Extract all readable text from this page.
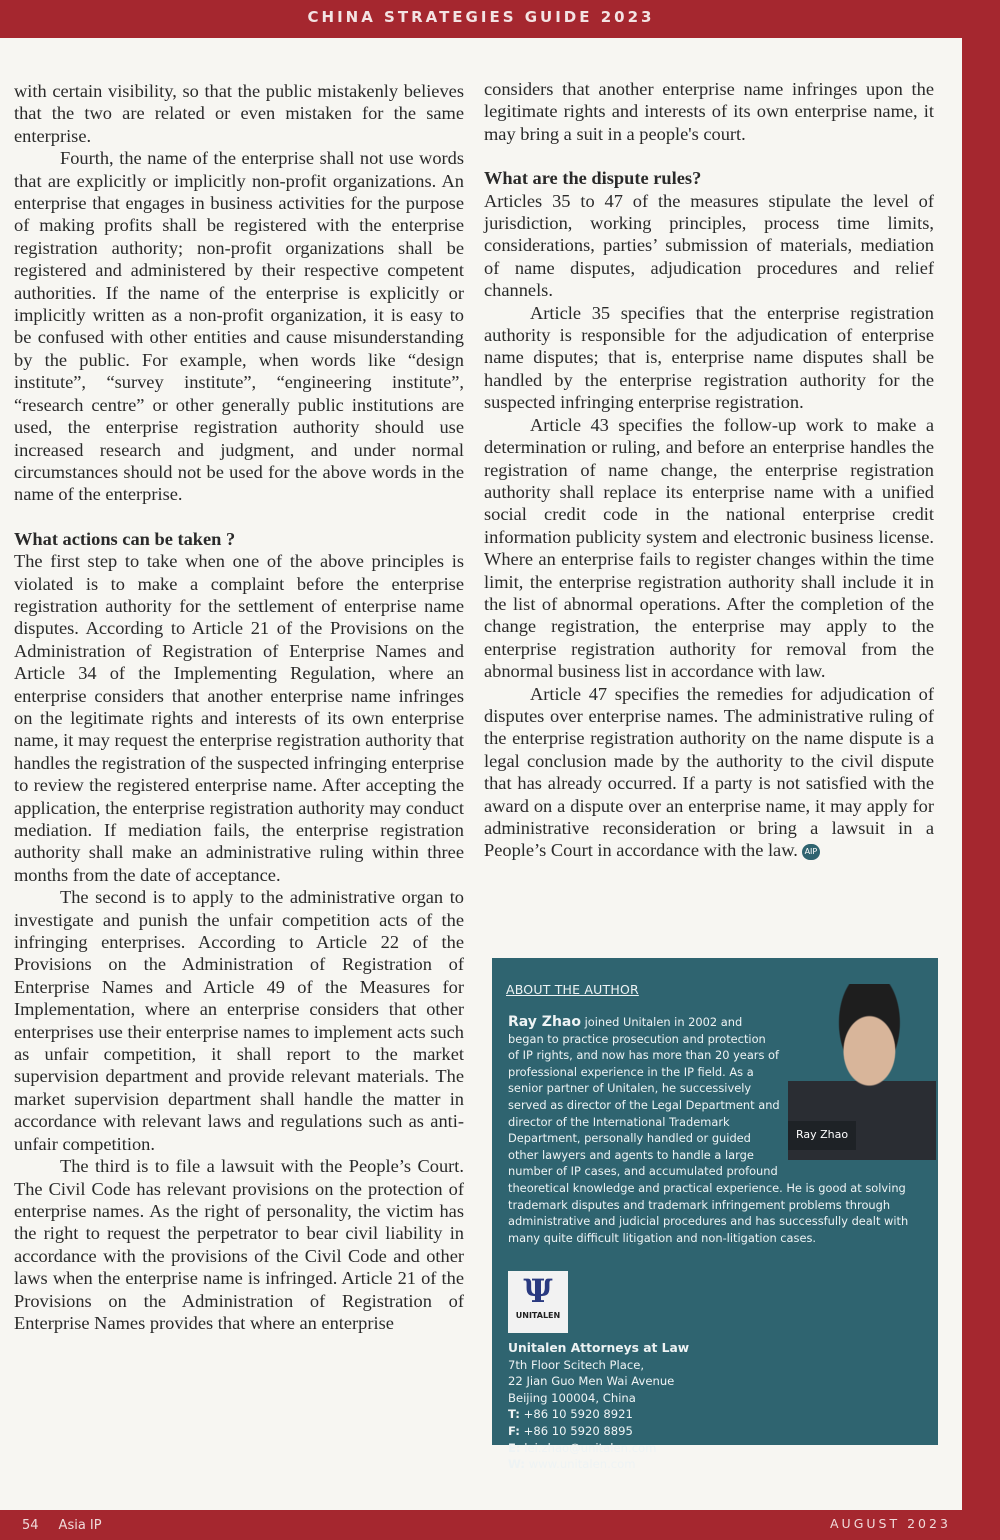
CHINA STRATEGIES GUIDE 2023

with certain visibility, so that the public mistakenly believes that the two are related or even mistaken for the same enterprise.

Fourth, the name of the enterprise shall not use words that are explicitly or implicitly non-profit organizations. An enterprise that engages in business activities for the purpose of making profits shall be registered with the enterprise registration authority; non-profit organizations shall be registered and administered by their respective competent authorities. If the name of the enterprise is explicitly or implicitly written as a non-profit organization, it is easy to be confused with other entities and cause misunderstanding by the public. For example, when words like “design institute”, “survey institute”, “engineering institute”, “research centre” or other generally public institutions are used, the enterprise registration authority should use increased research and judgment, and under normal circumstances should not be used for the above words in the name of the enterprise.

What actions can be taken ?

The first step to take when one of the above principles is violated is to make a complaint before the enterprise registration authority for the settlement of enterprise name disputes. According to Article 21 of the Provisions on the Administration of Registration of Enterprise Names and Article 34 of the Implementing Regulation, where an enterprise considers that another enterprise name infringes on the legitimate rights and interests of its own enterprise name, it may request the enterprise registration authority that handles the registration of the suspected infringing enterprise to review the registered enterprise name. After accepting the application, the enterprise registration authority may conduct mediation. If mediation fails, the enterprise registration authority shall make an administrative ruling within three months from the date of acceptance.

The second is to apply to the administrative organ to investigate and punish the unfair competition acts of the infringing enterprises. According to Article 22 of the Provisions on the Administration of Registration of Enterprise Names and Article 49 of the Measures for Implementation, where an enterprise considers that other enterprises use their enterprise names to implement acts such as unfair competition, it shall report to the market supervision department and provide relevant materials. The market supervision department shall handle the matter in accordance with relevant laws and regulations such as anti-unfair competition.

The third is to file a lawsuit with the People’s Court. The Civil Code has relevant provisions on the protection of enterprise names. As the right of personality, the victim has the right to request the perpetrator to bear civil liability in accordance with the provisions of the Civil Code and other laws when the enterprise name is infringed. Article 21 of the Provisions on the Administration of Registration of Enterprise Names provides that where an enterprise

considers that another enterprise name infringes upon the legitimate rights and interests of its own enterprise name, it may bring a suit in a people's court.

What are the dispute rules?

Articles 35 to 47 of the measures stipulate the level of jurisdiction, working principles, process time limits, considerations, parties’ submission of materials, mediation of name disputes, adjudication procedures and relief channels.

Article 35 specifies that the enterprise registration authority is responsible for the adjudication of enterprise name disputes; that is, enterprise name disputes shall be handled by the enterprise registration authority for the suspected infringing enterprise registration.

Article 43 specifies the follow-up work to make a determination or ruling, and before an enterprise handles the registration of name change, the enterprise registration authority shall replace its enterprise name with a unified social credit code in the national enterprise credit information publicity system and electronic business license. Where an enterprise fails to register changes within the time limit, the enterprise registration authority shall include it in the list of abnormal operations. After the completion of the change registration, the enterprise may apply to the enterprise registration authority for removal from the abnormal business list in accordance with law.

Article 47 specifies the remedies for adjudication of disputes over enterprise names. The administrative ruling of the enterprise registration authority on the name dispute is a legal conclusion made by the authority to the civil dispute that has already occurred. If a party is not satisfied with the award on a dispute over an enterprise name, it may apply for administrative reconsideration or bring a lawsuit in a People’s Court in accordance with the law. AIP

ABOUT THE AUTHOR
Ray Zhao
Ray Zhao joined Unitalen in 2002 and began to practice prosecution and protection of IP rights, and now has more than 20 years of professional experience in the IP field. As a senior partner of Unitalen, he successively served as director of the Legal Department and director of the International Trademark Department, personally handled or guided other lawyers and agents to handle a large number of IP cases, and accumulated profound theoretical knowledge and practical experience. He is good at solving trademark disputes and trademark infringement problems through administrative and judicial procedures and has successfully dealt with many quite difficult litigation and non-litigation cases.
Ψ
UNITALEN
Unitalen Attorneys at Law
7th Floor Scitech Place,
22 Jian Guo Men Wai Avenue
Beijing 100004, China
T: +86 10 5920 8921
F: +86 10 5920 8895
E: lei.zhao@unitalen.com
W: www.unitalen.com
54 Asia IP	AUGUST 2023
